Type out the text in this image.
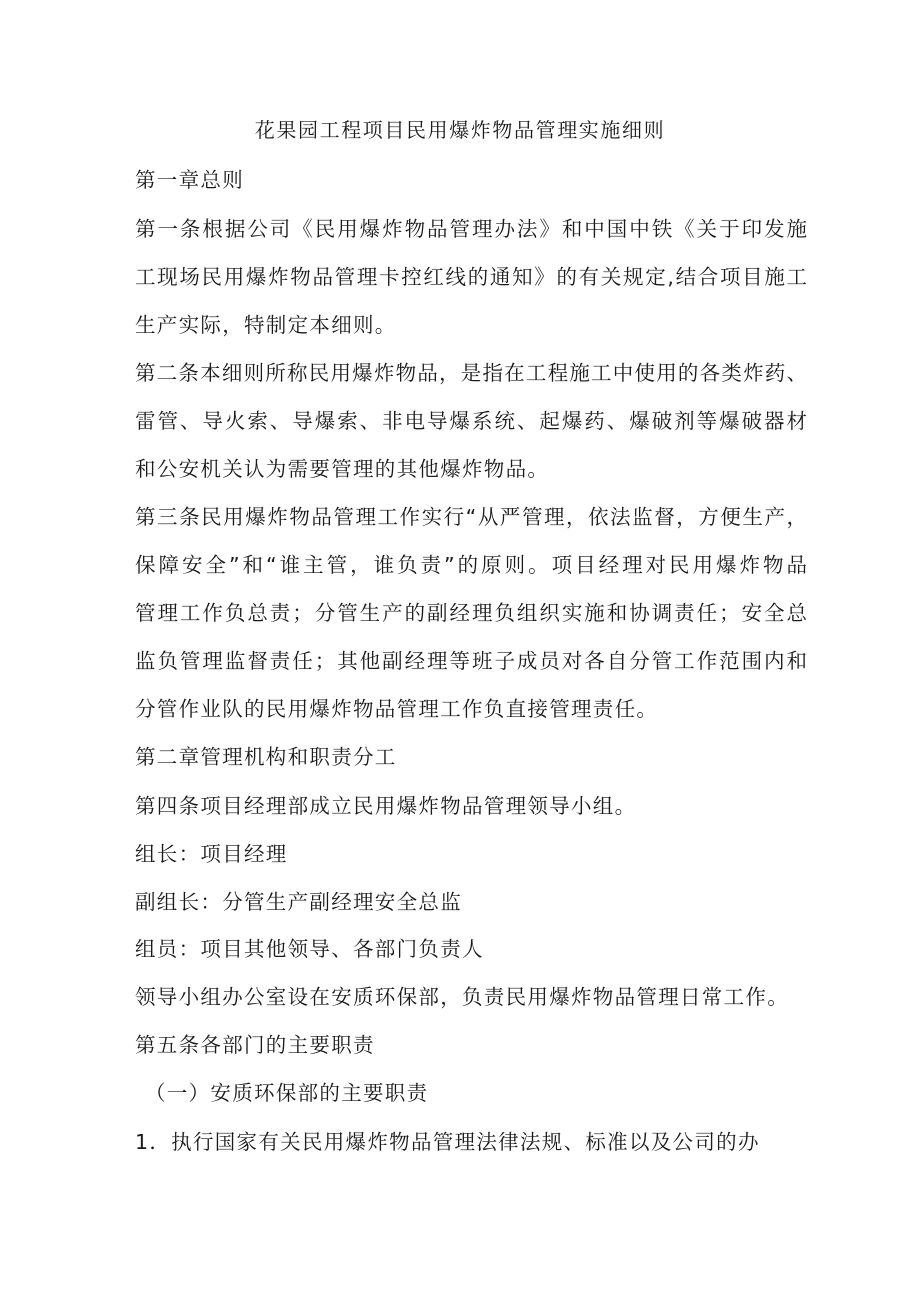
花果园工程项目民用爆炸物品管理实施细则
第一章总则
第一条根据公司《民用爆炸物品管理办法》和中国中铁《关于印发施
工现场民用爆炸物品管理卡控红线的通知》的有关规定,结合项目施工
生产实际，特制定本细则。
第二条本细则所称民用爆炸物品，是指在工程施工中使用的各类炸药、
雷管、导火索、导爆索、非电导爆系统、起爆药、爆破剂等爆破器材
和公安机关认为需要管理的其他爆炸物品。
第三条民用爆炸物品管理工作实行“从严管理，依法监督，方便生产，
保障安全”和“谁主管，谁负责”的原则。项目经理对民用爆炸物品
管理工作负总责；分管生产的副经理负组织实施和协调责任；安全总
监负管理监督责任；其他副经理等班子成员对各自分管工作范围内和
分管作业队的民用爆炸物品管理工作负直接管理责任。
第二章管理机构和职责分工
第四条项目经理部成立民用爆炸物品管理领导小组。
组长：项目经理
副组长：分管生产副经理安全总监
组员：项目其他领导、各部门负责人
领导小组办公室设在安质环保部，负责民用爆炸物品管理日常工作。
第五条各部门的主要职责
（一）安质环保部的主要职责
1．执行国家有关民用爆炸物品管理法律法规、标准以及公司的办
